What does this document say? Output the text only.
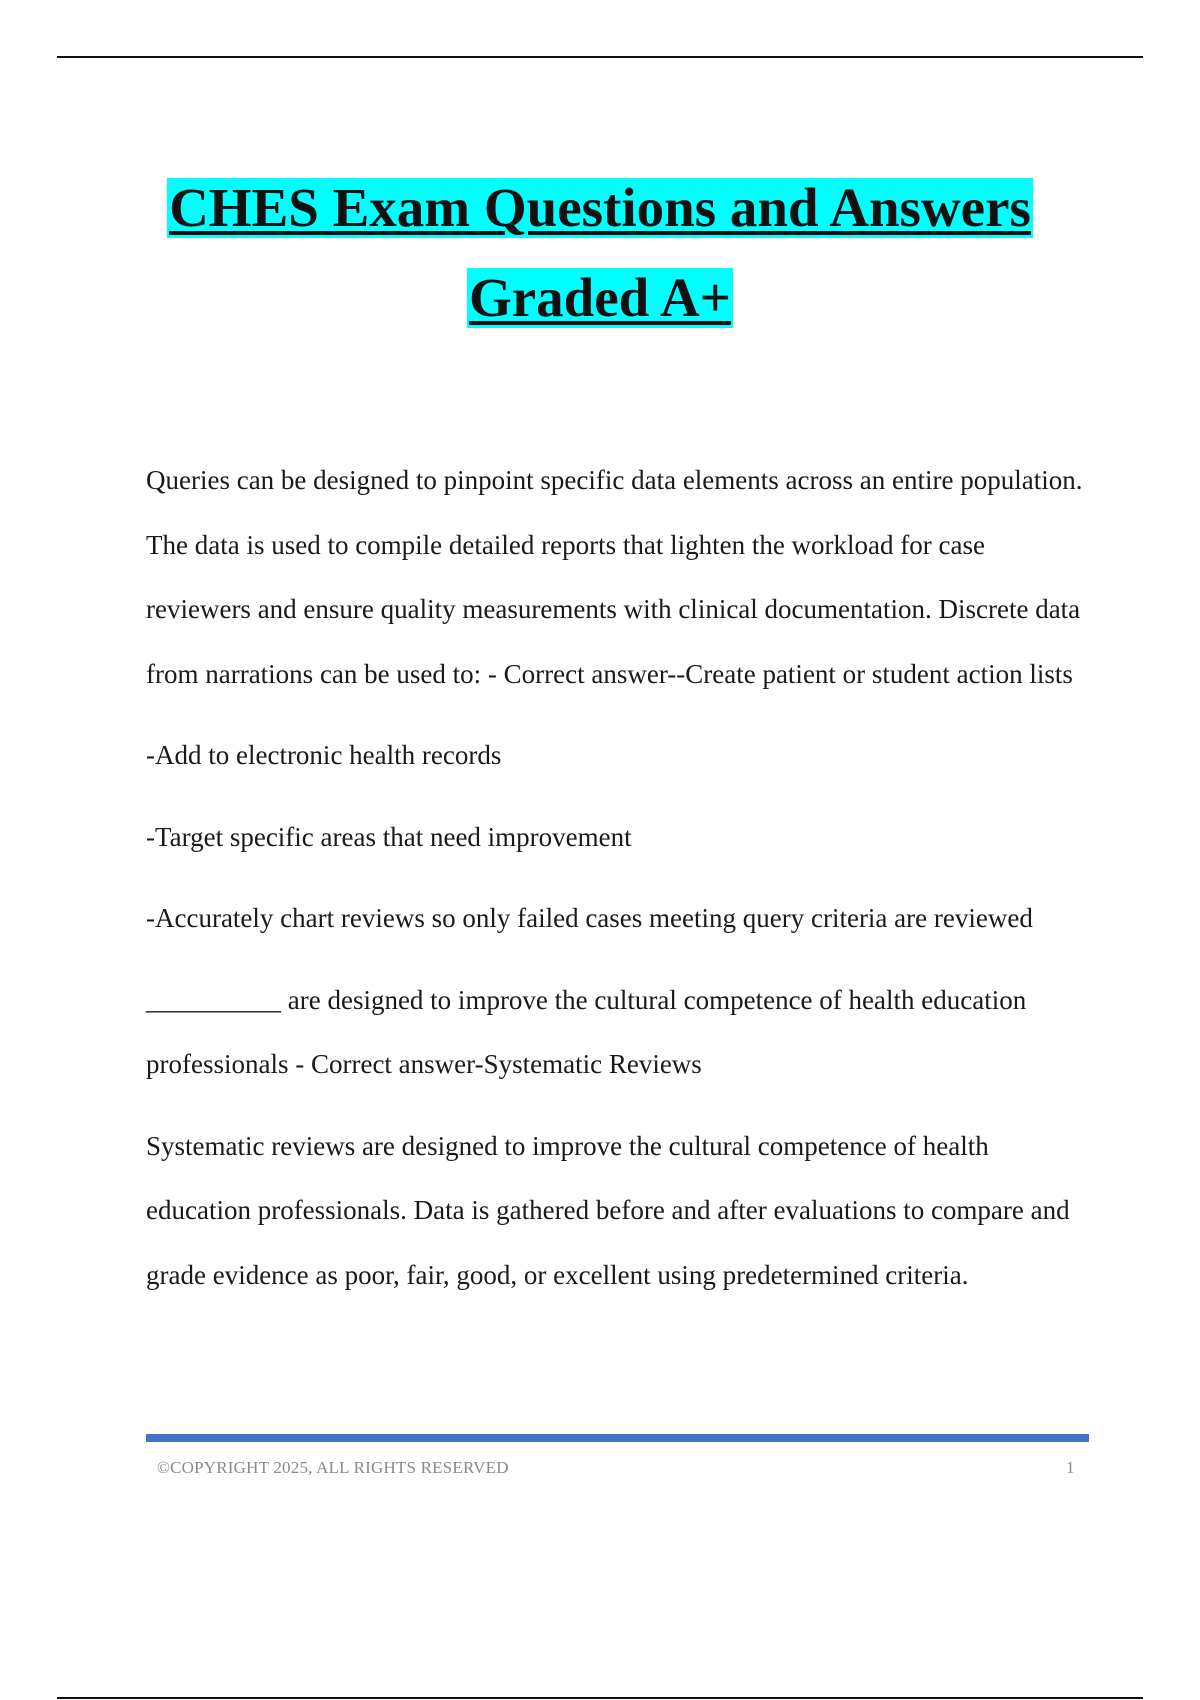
CHES Exam Questions and Answers
Graded A+

Queries can be designed to pinpoint specific data elements across an entire population. The data is used to compile detailed reports that lighten the workload for case reviewers and ensure quality measurements with clinical documentation. Discrete data from narrations can be used to: - Correct answer--Create patient or student action lists

-Add to electronic health records

-Target specific areas that need improvement

-Accurately chart reviews so only failed cases meeting query criteria are reviewed

__________ are designed to improve the cultural competence of health education professionals - Correct answer-Systematic Reviews

Systematic reviews are designed to improve the cultural competence of health education professionals. Data is gathered before and after evaluations to compare and grade evidence as poor, fair, good, or excellent using predetermined criteria.

©COPYRIGHT 2025, ALL RIGHTS RESERVED	1
